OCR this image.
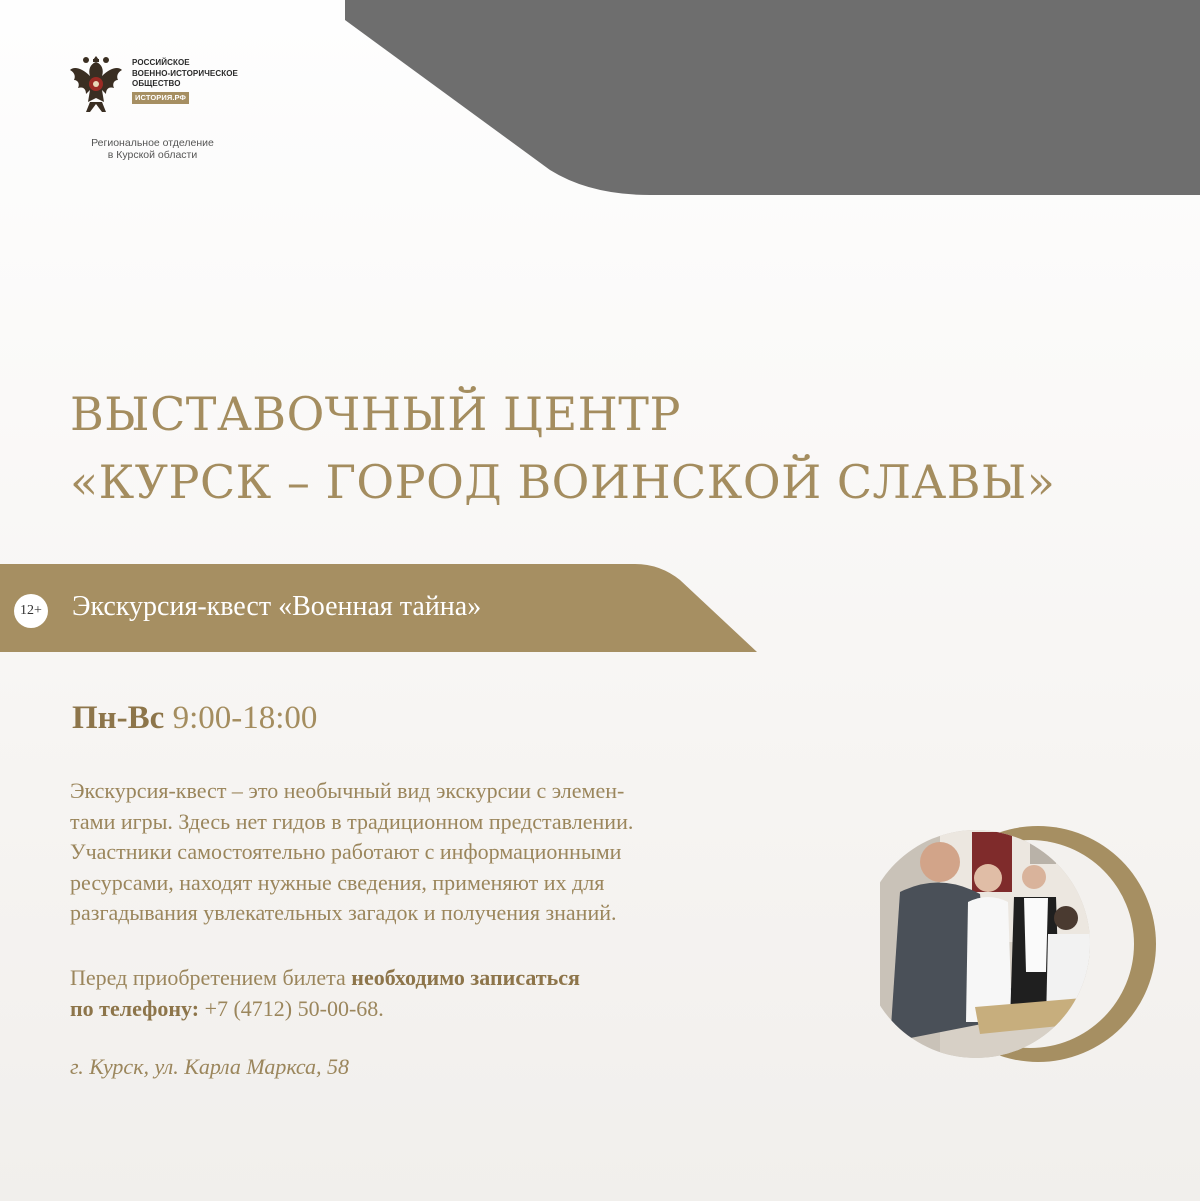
РОССИЙСКОЕ
ВОЕННО-ИСТОРИЧЕСКОЕ
ОБЩЕСТВО
ИСТОРИЯ.РФ
Региональное отделение
в Курской области
ВЫСТАВОЧНЫЙ ЦЕНТР
«КУРСК – ГОРОД ВОИНСКОЙ СЛАВЫ»
12+ Экскурсия-квест «Военная тайна»
Пн-Вс 9:00-18:00
Экскурсия-квест – это необычный вид экскурсии с элемен-
тами игры. Здесь нет гидов в традиционном представлении.
Участники самостоятельно работают с информационными
ресурсами, находят нужные сведения, применяют их для
разгадывания увлекательных загадок и получения знаний.
Перед приобретением билета необходимо записаться
по телефону: +7 (4712) 50-00-68.
г. Курск, ул. Карла Маркса, 58
